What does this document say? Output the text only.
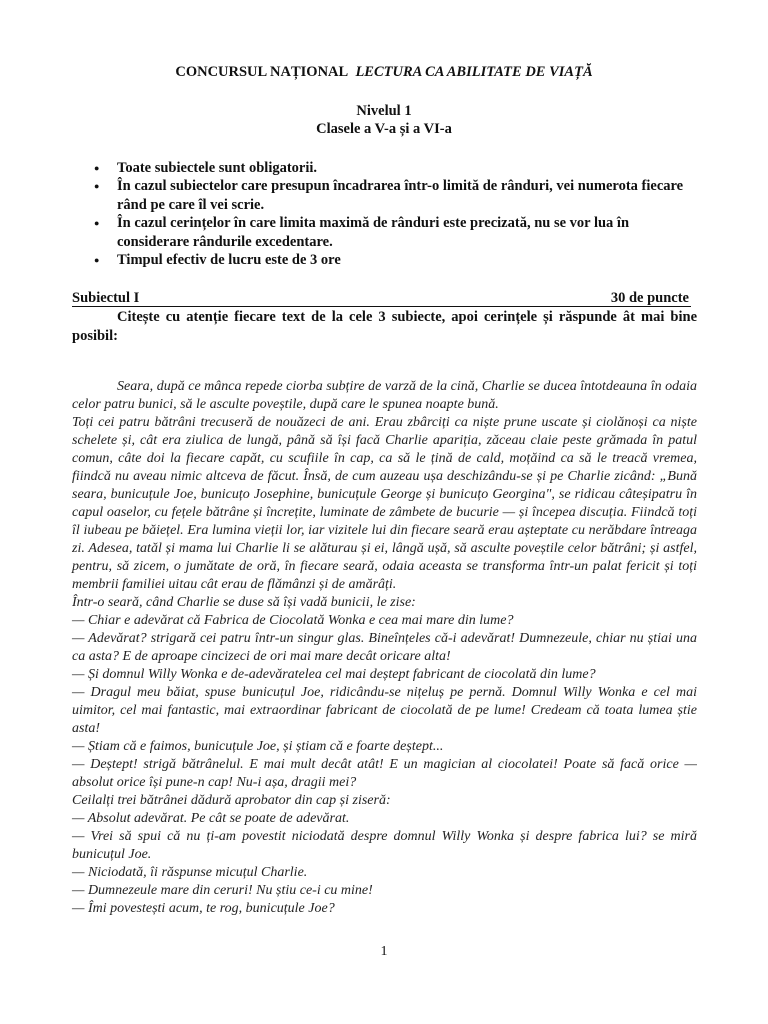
CONCURSUL NAȚIONAL LECTURA CA ABILITATE DE VIAȚĂ
Nivelul 1
Clasele a V-a și a VI-a
● Toate subiectele sunt obligatorii.
● În cazul subiectelor care presupun încadrarea într-o limită de rânduri, vei numerota fiecare rând pe care îl vei scrie.
● În cazul cerințelor în care limita maximă de rânduri este precizată, nu se vor lua în considerare rândurile excedentare.
● Timpul efectiv de lucru este de 3 ore
Subiectul I	30 de puncte
Citește cu atenție fiecare text de la cele 3 subiecte, apoi cerințele și răspunde ât mai bine posibil:

Seara, după ce mânca repede ciorba subțire de varză de la cină, Charlie se ducea întotdeauna în odaia celor patru bunici, să le asculte poveștile, după care le spunea noapte bună.

Toți cei patru bătrâni trecuseră de nouăzeci de ani. Erau zbârciți ca niște prune uscate și ciolănoși ca niște schelete și, cât era ziulica de lungă, până să își facă Charlie apariția, zăceau claie peste grămada în patul comun, câte doi la fiecare capăt, cu scufiile în cap, ca să le țină de cald, moțăind ca să le treacă vremea, fiindcă nu aveau nimic altceva de făcut. Însă, de cum auzeau ușa deschizându-se și pe Charlie zicând: „Bună seara, bunicuțule Joe, bunicuțo Josephine, bunicuțule George și bunicuțo Georgina", se ridicau câteșipatru în capul oaselor, cu fețele bătrâne și încrețite, luminate de zâmbete de bucurie — și începea discuția. Fiindcă toți îl iubeau pe băiețel. Era lumina vieții lor, iar vizitele lui din fiecare seară erau așteptate cu nerăbdare întreaga zi. Adesea, tatăl și mama lui Charlie li se alăturau și ei, lângă ușă, să asculte poveștile celor bătrâni; și astfel, pentru, să zicem, o jumătate de oră, în fiecare seară, odaia aceasta se transforma într-un palat fericit și toți membrii familiei uitau cât erau de flămânzi și de amărâți.

Într-o seară, când Charlie se duse să își vadă bunicii, le zise:

— Chiar e adevărat că Fabrica de Ciocolată Wonka e cea mai mare din lume?

— Adevărat? strigară cei patru într-un singur glas. Bineînțeles că-i adevărat! Dumnezeule, chiar nu știai una ca asta? E de aproape cincizeci de ori mai mare decât oricare alta!

— Și domnul Willy Wonka e de-adevăratelea cel mai deștept fabricant de ciocolată din lume?

— Dragul meu băiat, spuse bunicuțul Joe, ridicându-se nițeluș pe pernă. Domnul Willy Wonka e cel mai uimitor, cel mai fantastic, mai extraordinar fabricant de ciocolată de pe lume! Credeam că toata lumea știe asta!

— Știam că e faimos, bunicuțule Joe, și știam că e foarte deștept...

— Deștept! strigă bătrânelul. E mai mult decât atât! E un magician al ciocolatei! Poate să facă orice — absolut orice își pune-n cap! Nu-i așa, dragii mei?

Ceilalți trei bătrânei dădură aprobator din cap și ziseră:

— Absolut adevărat. Pe cât se poate de adevărat.

— Vrei să spui că nu ți-am povestit niciodată despre domnul Willy Wonka și despre fabrica lui? se miră bunicuțul Joe.

— Niciodată, îi răspunse micuțul Charlie.

— Dumnezeule mare din ceruri! Nu știu ce-i cu mine!

— Îmi povestești acum, te rog, bunicuțule Joe?

1
